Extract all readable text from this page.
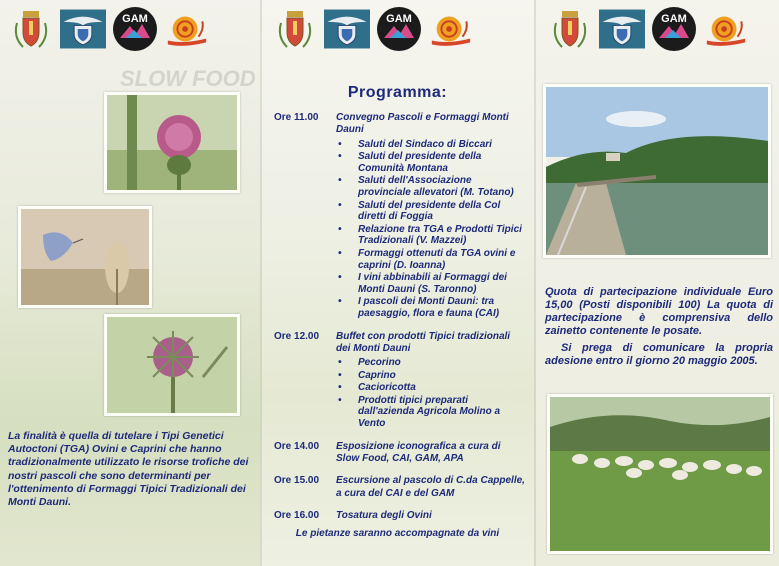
GAM
SLOW FOOD
La finalità è quella di tutelare i Tipi Genetici Autoctoni (TGA) Ovini e Caprini che hanno tradizionalmente utilizzato le risorse trofiche dei nostri pascoli che sono determinanti per l'ottenimento di Formaggi Tipici Tradizionali dei Monti Dauni.
GAM
Programma:
Ore 11.00	Convegno Pascoli e Formaggi Monti Dauni
• Saluti del Sindaco di Biccari
• Saluti del presidente della Comunità Montana
• Saluti dell'Associazione provinciale allevatori (M. Totano)
• Saluti del presidente della Col diretti di Foggia
• Relazione tra TGA e Prodotti Tipici Tradizionali (V. Mazzei)
• Formaggi ottenuti da TGA ovini e caprini (D. Ioanna)
• I vini abbinabili ai Formaggi dei Monti Dauni (S. Taronno)
• I pascoli dei Monti Dauni: tra paesaggio, flora e fauna (CAI)
Ore 12.00	Buffet con prodotti Tipici tradizionali dei Monti Dauni
• Pecorino
• Caprino
• Cacioricotta
• Prodotti tipici preparati dall'azienda Agricola Molino a Vento
Ore 14.00	Esposizione iconografica a cura di Slow Food, CAI, GAM, APA
Ore 15.00	Escursione al pascolo di C.da Cappelle, a cura del CAI e del GAM
Ore 16.00	Tosatura degli Ovini
Le pietanze saranno accompagnate da vini
GAM
Quota di partecipazione individuale Euro 15,00 (Posti disponibili 100) La quota di partecipazione è comprensiva dello zainetto contenente le posate.
Si prega di comunicare la propria adesione entro il giorno 20 maggio 2005.
